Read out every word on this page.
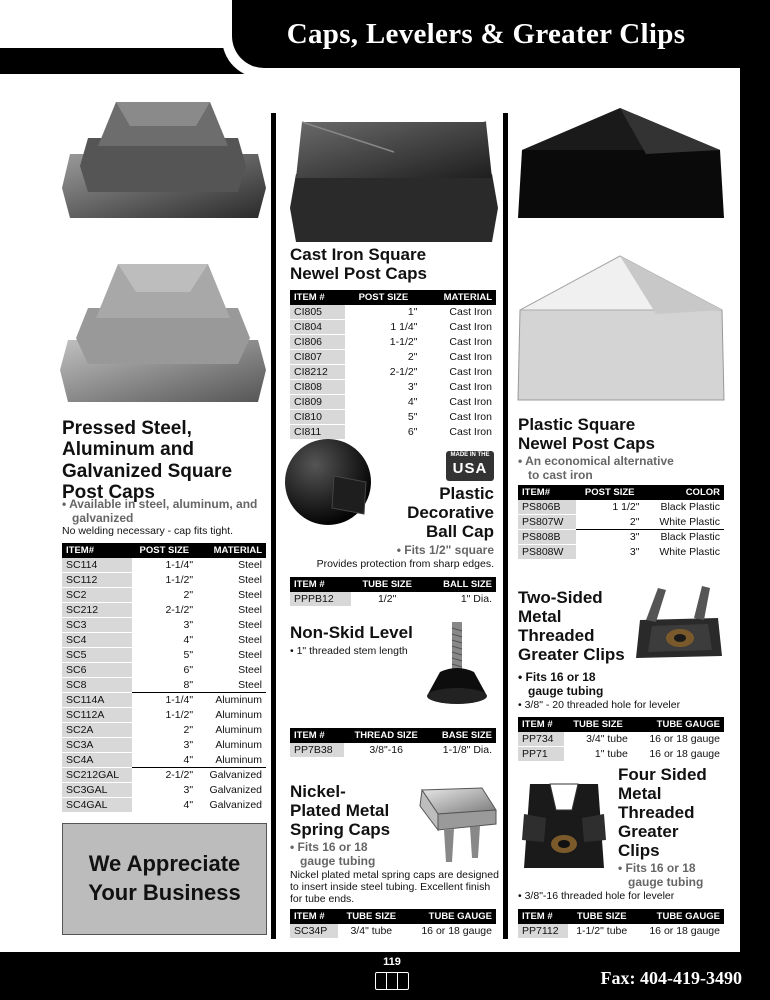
Caps, Levelers & Greater Clips
Pressed Steel,
Aluminum and
Galvanized Square
Post Caps
• Available in steel, aluminum, and
galvanized
No welding necessary - cap fits tight.
ITEM#	POST SIZE	MATERIAL
SC114	1-1/4"	Steel
SC112	1-1/2"	Steel
SC2	2"	Steel
SC212	2-1/2"	Steel
SC3	3"	Steel
SC4	4"	Steel
SC5	5"	Steel
SC6	6"	Steel
SC8	8"	Steel
SC114A	1-1/4"	Aluminum
SC112A	1-1/2"	Aluminum
SC2A	2"	Aluminum
SC3A	3"	Aluminum
SC4A	4"	Aluminum
SC212GAL	2-1/2"	Galvanized
SC3GAL	3"	Galvanized
SC4GAL	4"	Galvanized
We Appreciate
Your Business
Cast Iron Square
Newel Post Caps
ITEM #	POST SIZE	MATERIAL
CI805	1"	Cast Iron
CI804	1 1/4"	Cast Iron
CI806	1-1/2"	Cast Iron
CI807	2"	Cast Iron
CI8212	2-1/2"	Cast Iron
CI808	3"	Cast Iron
CI809	4"	Cast Iron
CI810	5"	Cast Iron
CI811	6"	Cast Iron
MADE IN THE
USA
Plastic
Decorative
Ball Cap
• Fits 1/2" square
Provides protection from sharp edges.
ITEM #	TUBE SIZE	BALL SIZE
PPPB12	1/2"	1" Dia.
Non-Skid Level
• 1" threaded stem length
ITEM #	THREAD SIZE	BASE SIZE
PP7B38	3/8"-16	1-1/8" Dia.
Nickel-
Plated Metal
Spring Caps
• Fits 16 or 18
gauge tubing
Nickel plated metal spring caps are designed
to insert inside steel tubing. Excellent finish
for tube ends.
ITEM #	TUBE SIZE	TUBE GAUGE
SC34P	3/4" tube	16 or 18 gauge
Plastic Square
Newel Post Caps
• An economical alternative
to cast iron
ITEM#	POST SIZE	COLOR
PS806B	1 1/2"	Black Plastic
PS807W	2"	White Plastic
PS808B	3"	Black Plastic
PS808W	3"	White Plastic
Two-Sided
Metal
Threaded
Greater Clips
• Fits 16 or 18
gauge tubing
• 3/8" - 20 threaded hole for leveler
ITEM #	TUBE SIZE	TUBE GAUGE
PP734	3/4" tube	16 or 18 gauge
PP71	1" tube	16 or 18 gauge
Four Sided
Metal
Threaded
Greater
Clips
• Fits 16 or 18
gauge tubing
• 3/8"-16 threaded hole for leveler
ITEM #	TUBE SIZE	TUBE GAUGE
PP7112	1-1/2" tube	16 or 18 gauge
119
Fax: 404-419-3490
